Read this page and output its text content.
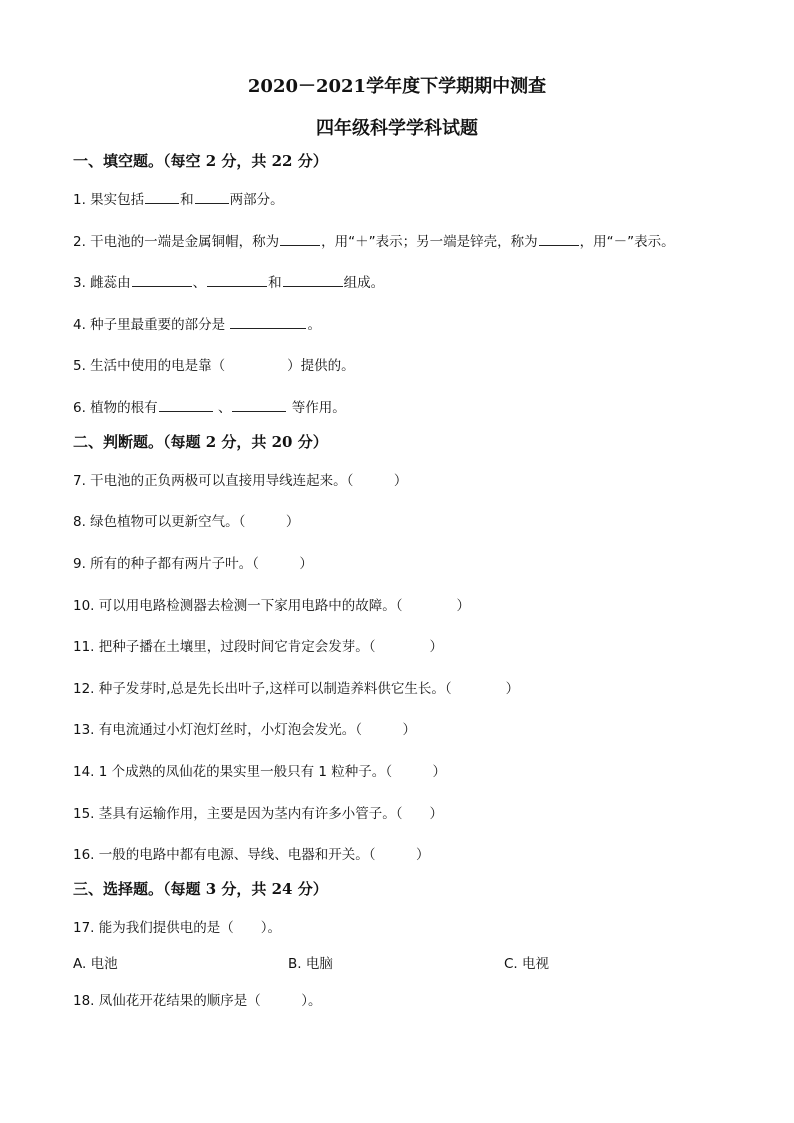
2020－2021学年度下学期期中测查
四年级科学学科试题
一、填空题。（每空 2 分，共 22 分）
1. 果实包括	和	两部分。
2. 干电池的一端是金属铜帽，称为	，用“＋”表示；另一端是锌壳，称为	，用“－”表示。
3. 雌蕊由	、	和	组成。
4. 种子里最重要的部分是	。
5. 生活中使用的电是靠（	）提供的。
6. 植物的根有	、	等作用。
二、判断题。（每题 2 分，共 20 分）
7. 干电池的正负两极可以直接用导线连起来。（　　　）
8. 绿色植物可以更新空气。（　　　）
9. 所有的种子都有两片子叶。（　　　）
10. 可以用电路检测器去检测一下家用电路中的故障。（　　　　）
11. 把种子播在土壤里，过段时间它肯定会发芽。（　　　　）
12. 种子发芽时,总是先长出叶子,这样可以制造养料供它生长。（　　　　）
13. 有电流通过小灯泡灯丝时，小灯泡会发光。（　　　）
14. 1 个成熟的凤仙花的果实里一般只有 1 粒种子。（　　　）
15. 茎具有运输作用，主要是因为茎内有许多小管子。（　　）
16. 一般的电路中都有电源、导线、电器和开关。（　　　）
三、选择题。（每题 3 分，共 24 分）
17. 能为我们提供电的是（　　）。
A. 电池	B. 电脑	C. 电视
18. 凤仙花开花结果的顺序是（　　　）。
